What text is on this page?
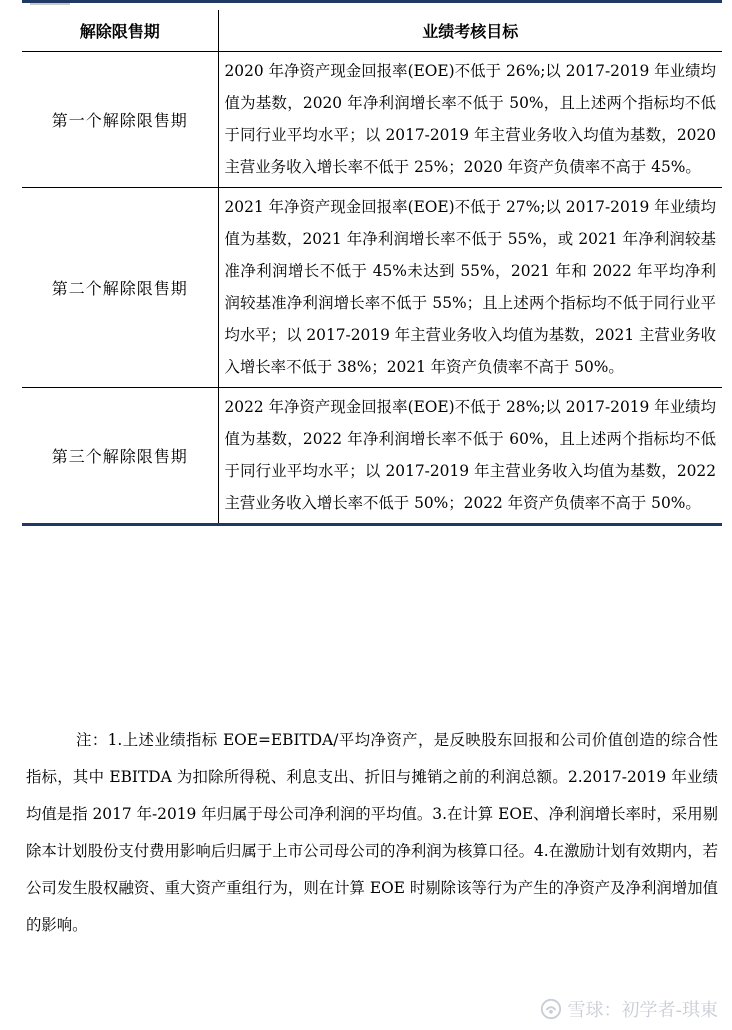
解除限售期	业绩考核目标
第一个解除限售期	2020 年净资产现金回报率(EOE)不低于 26%;以 2017-2019 年业绩均值为基数，2020 年净利润增长率不低于 50%，且上述两个指标均不低于同行业平均水平；以 2017-2019 年主营业务收入均值为基数，2020 主营业务收入增长率不低于 25%；2020 年资产负债率不高于 45%。
第二个解除限售期	2021 年净资产现金回报率(EOE)不低于 27%;以 2017-2019 年业绩均值为基数，2021 年净利润增长率不低于 55%，或 2021 年净利润较基准净利润增长不低于 45%未达到 55%，2021 年和 2022 年平均净利润较基准净利润增长率不低于 55%；且上述两个指标均不低于同行业平均水平；以 2017-2019 年主营业务收入均值为基数，2021 主营业务收入增长率不低于 38%；2021 年资产负债率不高于 50%。
第三个解除限售期	2022 年净资产现金回报率(EOE)不低于 28%;以 2017-2019 年业绩均值为基数，2022 年净利润增长率不低于 60%，且上述两个指标均不低于同行业平均水平；以 2017-2019 年主营业务收入均值为基数，2022 主营业务收入增长率不低于 50%；2022 年资产负债率不高于 50%。

注：1.上述业绩指标 EOE=EBITDA/平均净资产，是反映股东回报和公司价值创造的综合性指标，其中 EBITDA 为扣除所得税、利息支出、折旧与摊销之前的利润总额。2.2017-2019 年业绩均值是指 2017 年-2019 年归属于母公司净利润的平均值。3.在计算 EOE、净利润增长率时，采用剔除本计划股份支付费用影响后归属于上市公司母公司的净利润为核算口径。4.在激励计划有效期内，若公司发生股权融资、重大资产重组行为，则在计算 EOE 时剔除该等行为产生的净资产及净利润增加值的影响。

雪球：初学者-琪東
